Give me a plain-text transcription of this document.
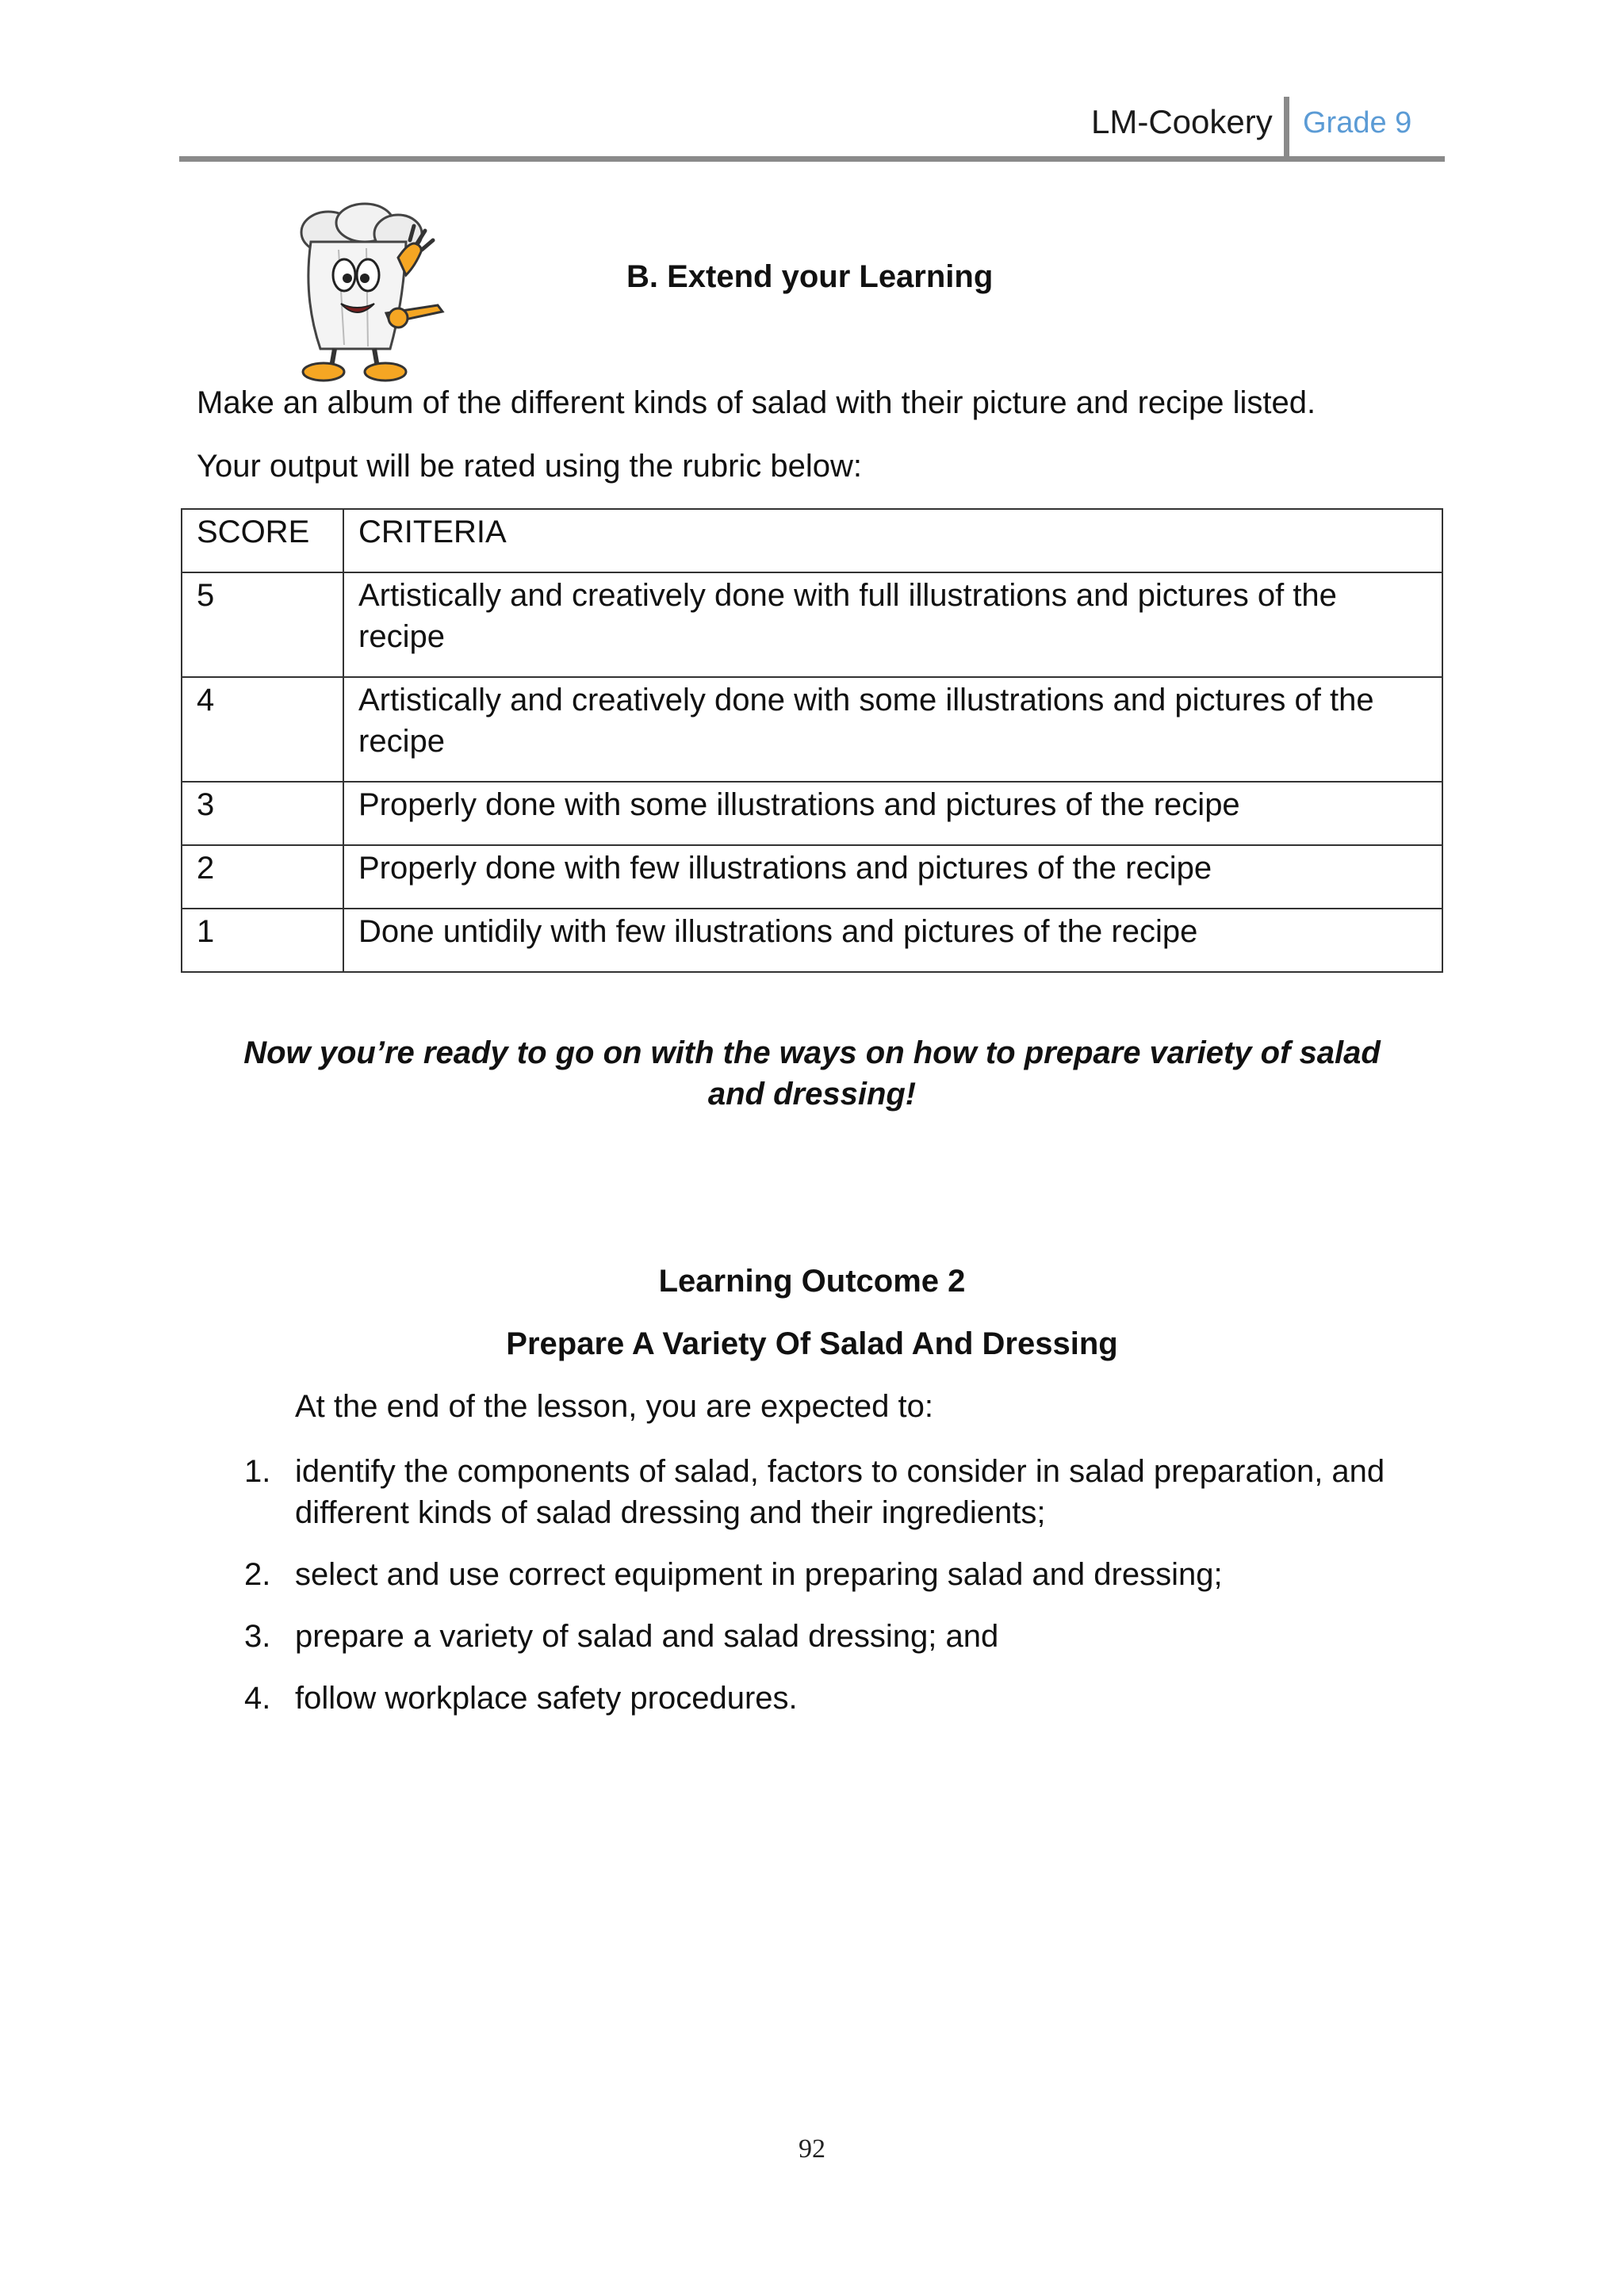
LM-Cookery Grade 9
B. Extend your Learning
Make an album of the different kinds of salad with their picture and recipe listed.
Your output will be rated using the rubric below:
SCORE	CRITERIA
5	Artistically and creatively done with full illustrations and pictures of the recipe
4	Artistically and creatively done with some illustrations and pictures of the recipe
3	Properly done with some illustrations and pictures of the recipe
2	Properly done with few illustrations and pictures of the recipe
1	Done untidily with few illustrations and pictures of the recipe
Now you’re ready to go on with the ways on how to prepare variety of salad
and dressing!
Learning Outcome 2
Prepare A Variety Of Salad And Dressing
At the end of the lesson, you are expected to:
1. identify the components of salad, factors to consider in salad preparation, and
different kinds of salad dressing and their ingredients;
2. select and use correct equipment in preparing salad and dressing;
3. prepare a variety of salad and salad dressing; and
4. follow workplace safety procedures.
92
